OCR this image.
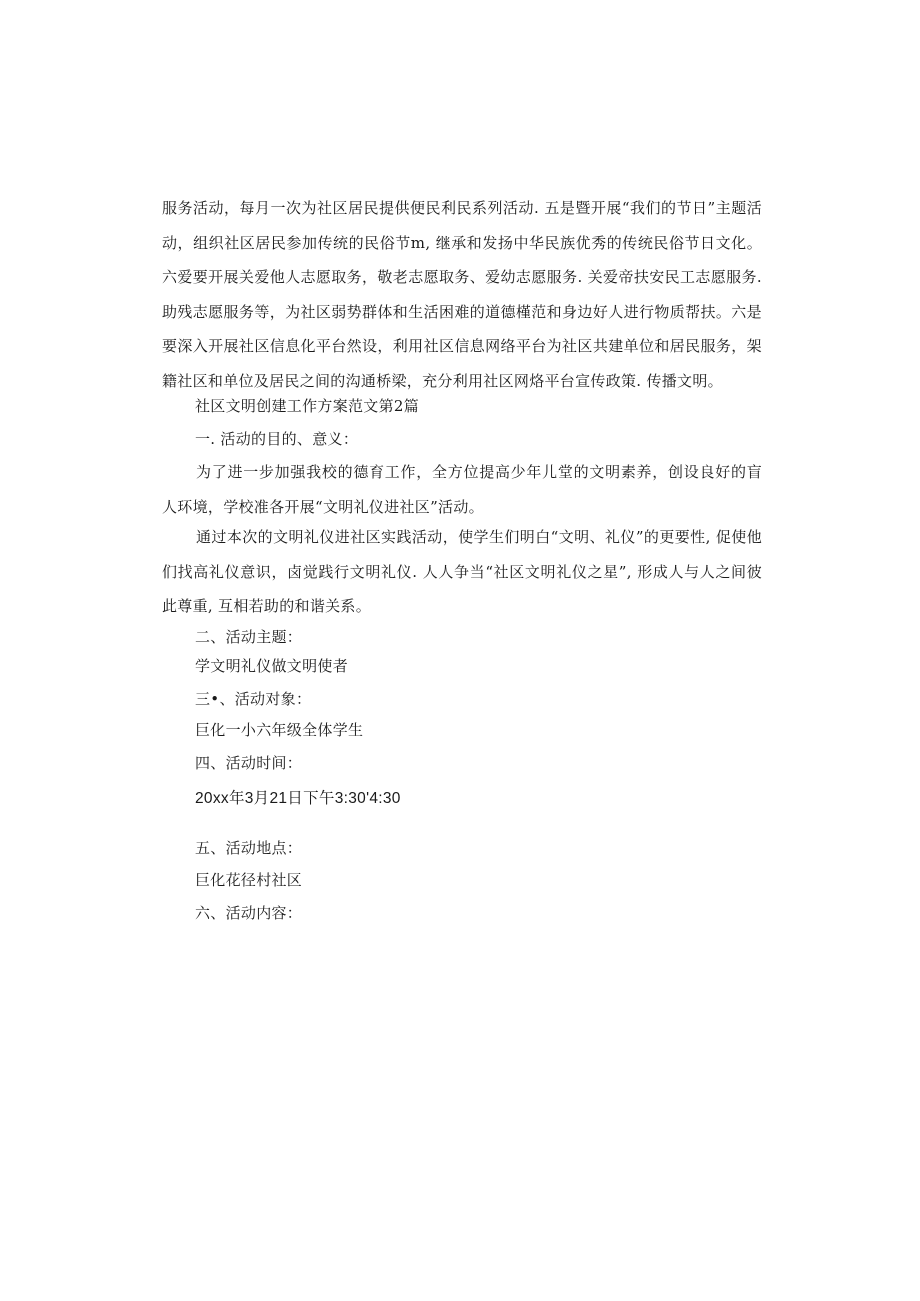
服务活动，每月一次为社区居民提供便民利民系列活动. 五是暨开展“我们的节日”主题活动，组织社区居民参加传统的民俗节m, 继承和发扬中华民族优秀的传统民俗节日文化。六爱要开展关爱他人志愿取务，敬老志愿取务、爱幼志愿服务. 关爱帝扶安民工志愿服务. 助残志愿服务等，为社区弱势群体和生活困难的道德槿范和身边好人进行物质帮扶。六是要深入开展社区信息化平台然设，利用社区信息网络平台为社区共建单位和居民服务，架籍社区和单位及居民之间的沟通桥梁，充分利用社区网烙平台宣传政策. 传播文明。

社区文明创建工作方案范文第2篇

一. 活动的目的、意义：

为了进一步加强我校的德育工作，全方位提高少年儿堂的文明素养，创设良好的盲人环境，学校准各开展“文明礼仪进社区”活动。

通过本次的文明礼仪进社区实践活动，使学生们明白“文明、礼仪”的更要性, 促使他们找高礼仪意识，卤觉践行文明礼仪. 人人争当“社区文明礼仪之星”, 形成人与人之间彼此尊重, 互相若助的和谐关系。

二、活动主题：

学文明礼仪做文明使者

三•、活动对象：

巨化一小六年级全体学生

四、活动时间：

20xx年3月21日下午3:30'4:30

五、活动地点：

巨化花径村社区

六、活动内容：
